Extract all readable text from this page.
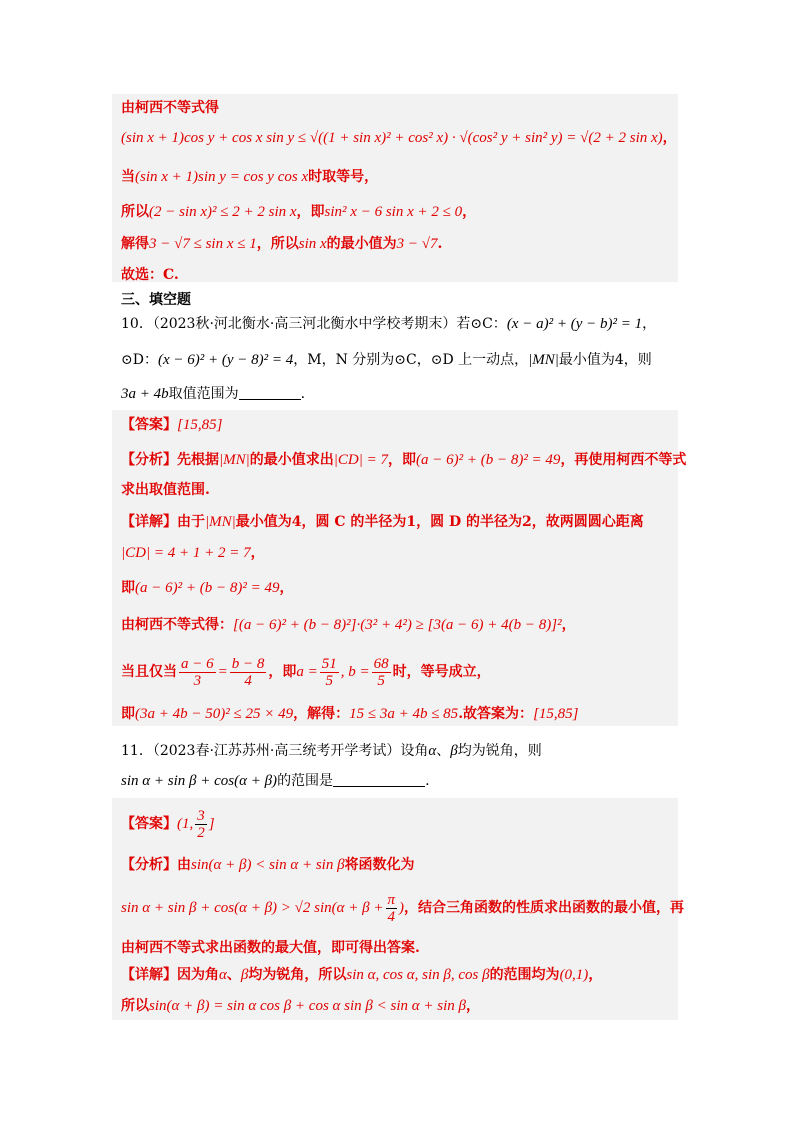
由柯西不等式得
(sin x + 1)cos y + cos x sin y ≤ √((1 + sin x)² + cos² x) · √(cos² y + sin² y) = √(2 + 2 sin x)，
当(sin x + 1)sin y = cos y cos x时取等号，
所以(2 − sin x)² ≤ 2 + 2 sin x，即sin² x − 6 sin x + 2 ≤ 0，
解得3 − √7 ≤ sin x ≤ 1，所以sin x的最小值为3 − √7.
故选：C.
三、填空题
10．（2023秋·河北衡水·高三河北衡水中学校考期末）若⊙C：(x − a)² + (y − b)² = 1，
⊙D：(x − 6)² + (y − 8)² = 4，M，N 分别为⊙C，⊙D 上一动点，|MN|最小值为4，则
3a + 4b取值范围为	.
【答案】[15,85]
【分析】先根据|MN|的最小值求出|CD| = 7，即(a − 6)² + (b − 8)² = 49，再使用柯西不等式
求出取值范围.
【详解】由于|MN|最小值为4，圆 C 的半径为1，圆 D 的半径为2，故两圆圆心距离
|CD| = 4 + 1 + 2 = 7，
即(a − 6)² + (b − 8)² = 49，
由柯西不等式得：[(a − 6)² + (b − 8)²]·(3² + 4²) ≥ [3(a − 6) + 4(b − 8)]²，
当且仅当 $\frac{a - 6}{3} = \frac{b - 8}{4}$ ，即$a = \frac{51}{5}$ , $b = \frac{68}{5}$ 时，等号成立，
即(3a + 4b − 50)² ≤ 25 × 49，解得：15 ≤ 3a + 4b ≤ 85.故答案为：[15,85]
11．（2023春·江苏苏州·高三统考开学考试）设角α、β均为锐角，则
sin α + sin β + cos(α + β)的范围是	.
【答案】(1, $\frac{3}{2}$ ]
【分析】由sin(α + β) < sin α + sin β将函数化为
sin α + sin β + cos(α + β) > √2 $\sin(\alpha + \beta + \frac{\pi}{4}$ )，结合三角函数的性质求出函数的最小值，再
由柯西不等式求出函数的最大值，即可得出答案.
【详解】因为角α、β均为锐角，所以sin α, cos α, sin β, cos β的范围均为(0,1)，
所以sin(α + β) = sin α cos β + cos α sin β < sin α + sin β，
